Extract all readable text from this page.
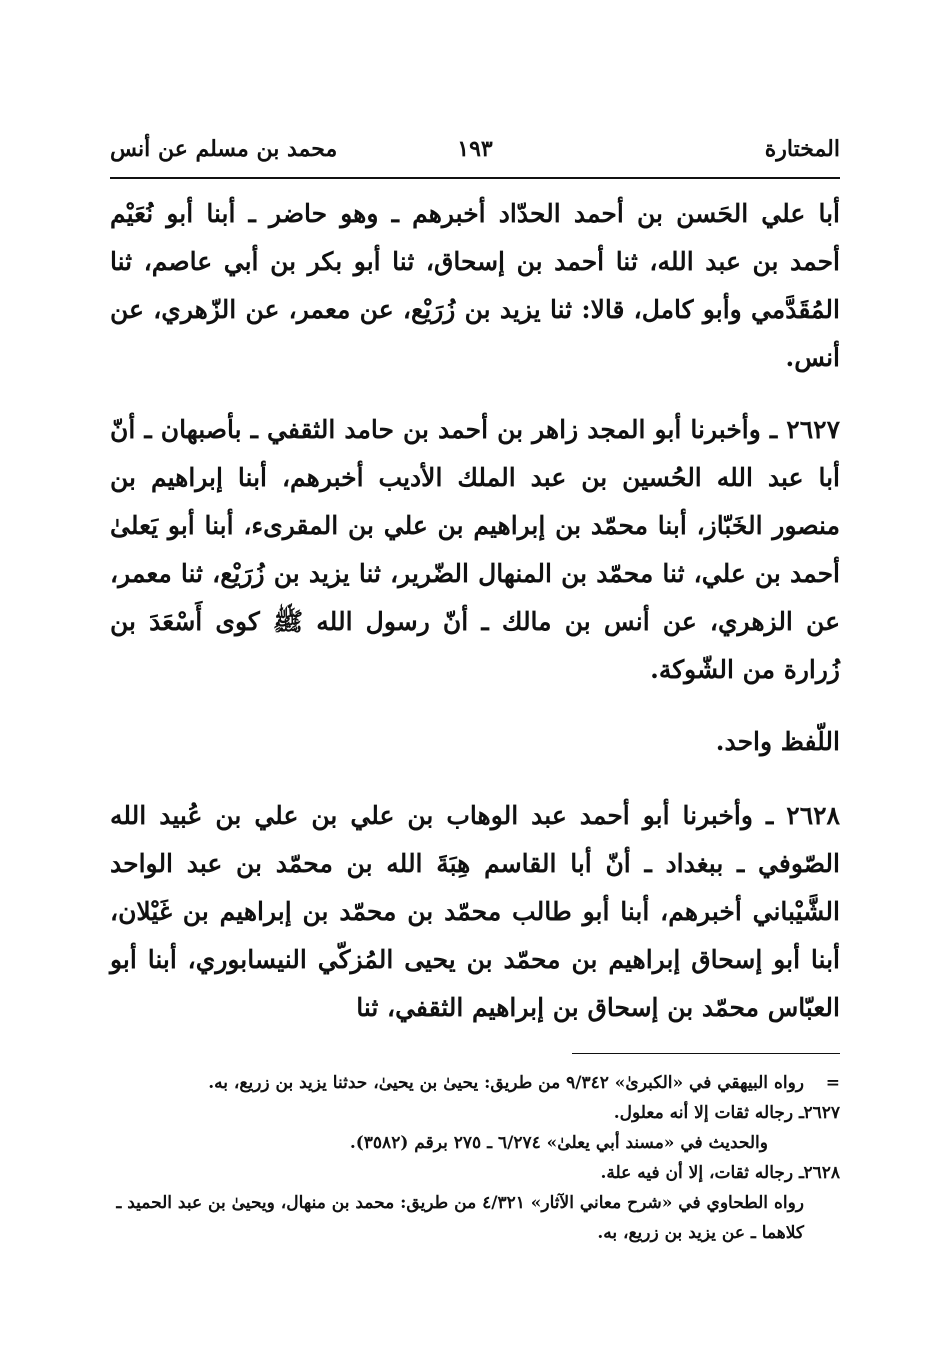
محمد بن مسلم عن أنس	١٩٣	المختارة

أبا علي الحَسن بن أحمد الحدّاد أخبرهم ـ وهو حاضر ـ أبنا أبو نُعَيْم أحمد بن عبد الله، ثنا أحمد بن إسحاق، ثنا أبو بكر بن أبي عاصم، ثنا المُقَدَّمي وأبو كامل، قالا: ثنا يزيد بن زُرَيْع، عن معمر، عن الزّهري، عن أنس.

٢٦٢٧ ـ وأخبرنا أبو المجد زاهر بن أحمد بن حامد الثقفي ـ بأصبهان ـ أنّ أبا عبد الله الحُسين بن عبد الملك الأديب أخبرهم، أبنا إبراهيم بن منصور الخَبّاز، أبنا محمّد بن إبراهيم بن علي بن المقرىء، أبنا أبو يَعلىٰ أحمد بن علي، ثنا محمّد بن المنهال الضّرير، ثنا يزيد بن زُرَيْع، ثنا معمر، عن الزهري، عن أنس بن مالك ـ أنّ رسول الله ﷺ كوى أَسْعَدَ بن زُرارة من الشّوكة.

اللّفظ واحد.

٢٦٢٨ ـ وأخبرنا أبو أحمد عبد الوهاب بن علي بن علي بن عُبيد الله الصّوفي ـ ببغداد ـ أنّ أبا القاسم هِبَةَ الله بن محمّد بن عبد الواحد الشَّيْباني أخبرهم، أبنا أبو طالب محمّد بن محمّد بن إبراهيم بن غَيْلان، أبنا أبو إسحاق إبراهيم بن محمّد بن يحيى المُزكّي النيسابوري، أبنا أبو العبّاس محمّد بن إسحاق بن إبراهيم الثقفي، ثنا

=
رواه البيهقي في «الكبرىٰ» ٩/٣٤٢ من طريق: يحيىٰ بن يحيىٰ، حدثنا يزيد بن زريع، به.
٢٦٢٧
ـ رجاله ثقات إلا أنه معلول.
والحديث في «مسند أبي يعلىٰ» ٦/٢٧٤ ـ ٢٧٥ برقم (٣٥٨٢).
٢٦٢٨
ـ رجاله ثقات، إلا أن فيه علة.
رواه الطحاوي في «شرح معاني الآثار» ٤/٣٢١ من طريق: محمد بن منهال، ويحيىٰ بن عبد الحميد ـ كلاهما ـ عن يزيد بن زريع، به.
